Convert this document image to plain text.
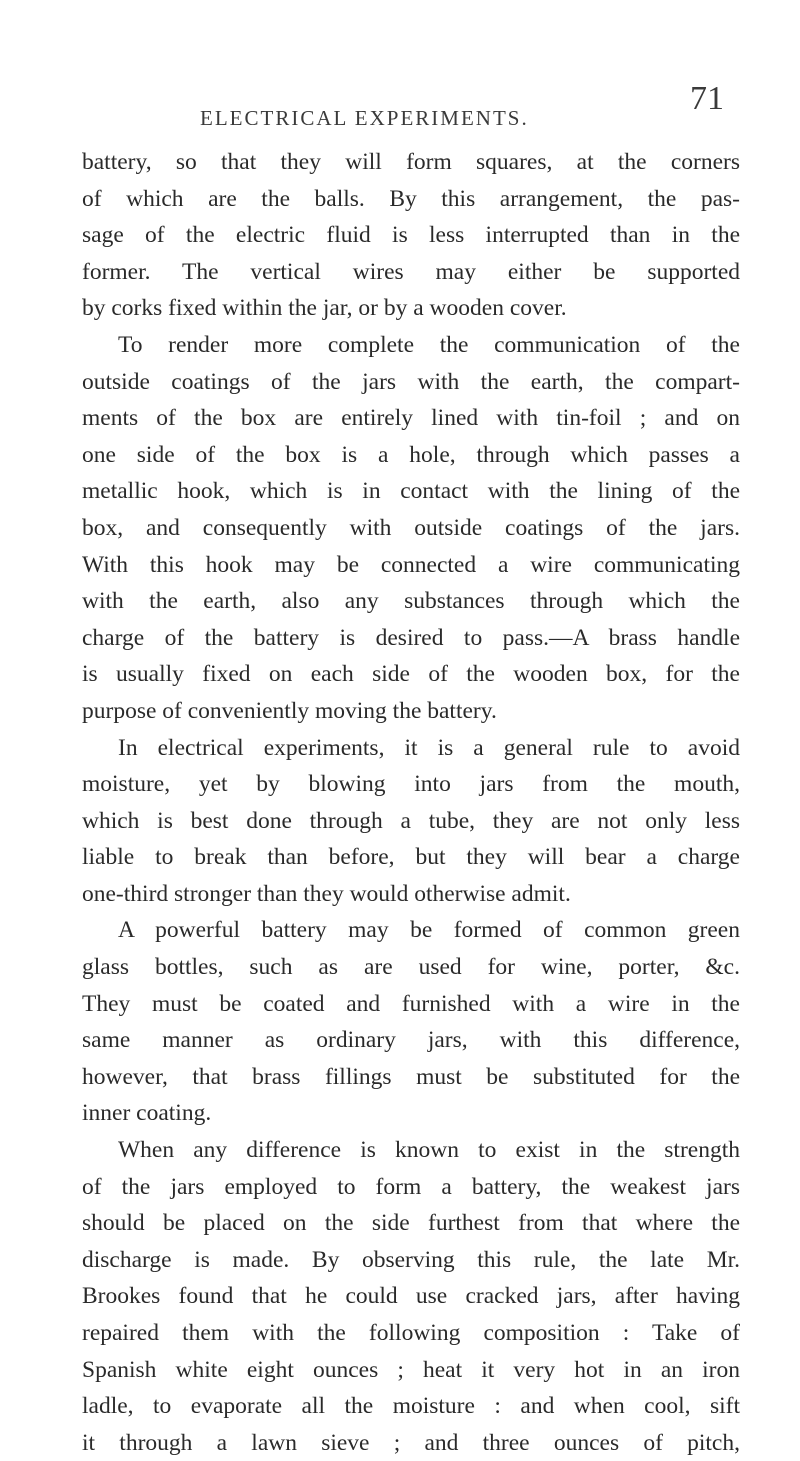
ELECTRICAL EXPERIMENTS.
71
battery, so that they will form squares, at the corners
of which are the balls. By this arrangement, the pas-
sage of the electric fluid is less interrupted than in the
former. The vertical wires may either be supported
by corks fixed within the jar, or by a wooden cover.
To render more complete the communication of the
outside coatings of the jars with the earth, the compart-
ments of the box are entirely lined with tin-foil ; and on
one side of the box is a hole, through which passes a
metallic hook, which is in contact with the lining of the
box, and consequently with outside coatings of the jars.
With this hook may be connected a wire communicating
with the earth, also any substances through which the
charge of the battery is desired to pass.—A brass handle
is usually fixed on each side of the wooden box, for the
purpose of conveniently moving the battery.
In electrical experiments, it is a general rule to avoid
moisture, yet by blowing into jars from the mouth,
which is best done through a tube, they are not only less
liable to break than before, but they will bear a charge
one-third stronger than they would otherwise admit.
A powerful battery may be formed of common green
glass bottles, such as are used for wine, porter, &c.
They must be coated and furnished with a wire in the
same manner as ordinary jars, with this difference,
however, that brass fillings must be substituted for the
inner coating.
When any difference is known to exist in the strength
of the jars employed to form a battery, the weakest jars
should be placed on the side furthest from that where the
discharge is made. By observing this rule, the late Mr.
Brookes found that he could use cracked jars, after having
repaired them with the following composition : Take of
Spanish white eight ounces ; heat it very hot in an iron
ladle, to evaporate all the moisture : and when cool, sift
it through a lawn sieve ; and three ounces of pitch,
